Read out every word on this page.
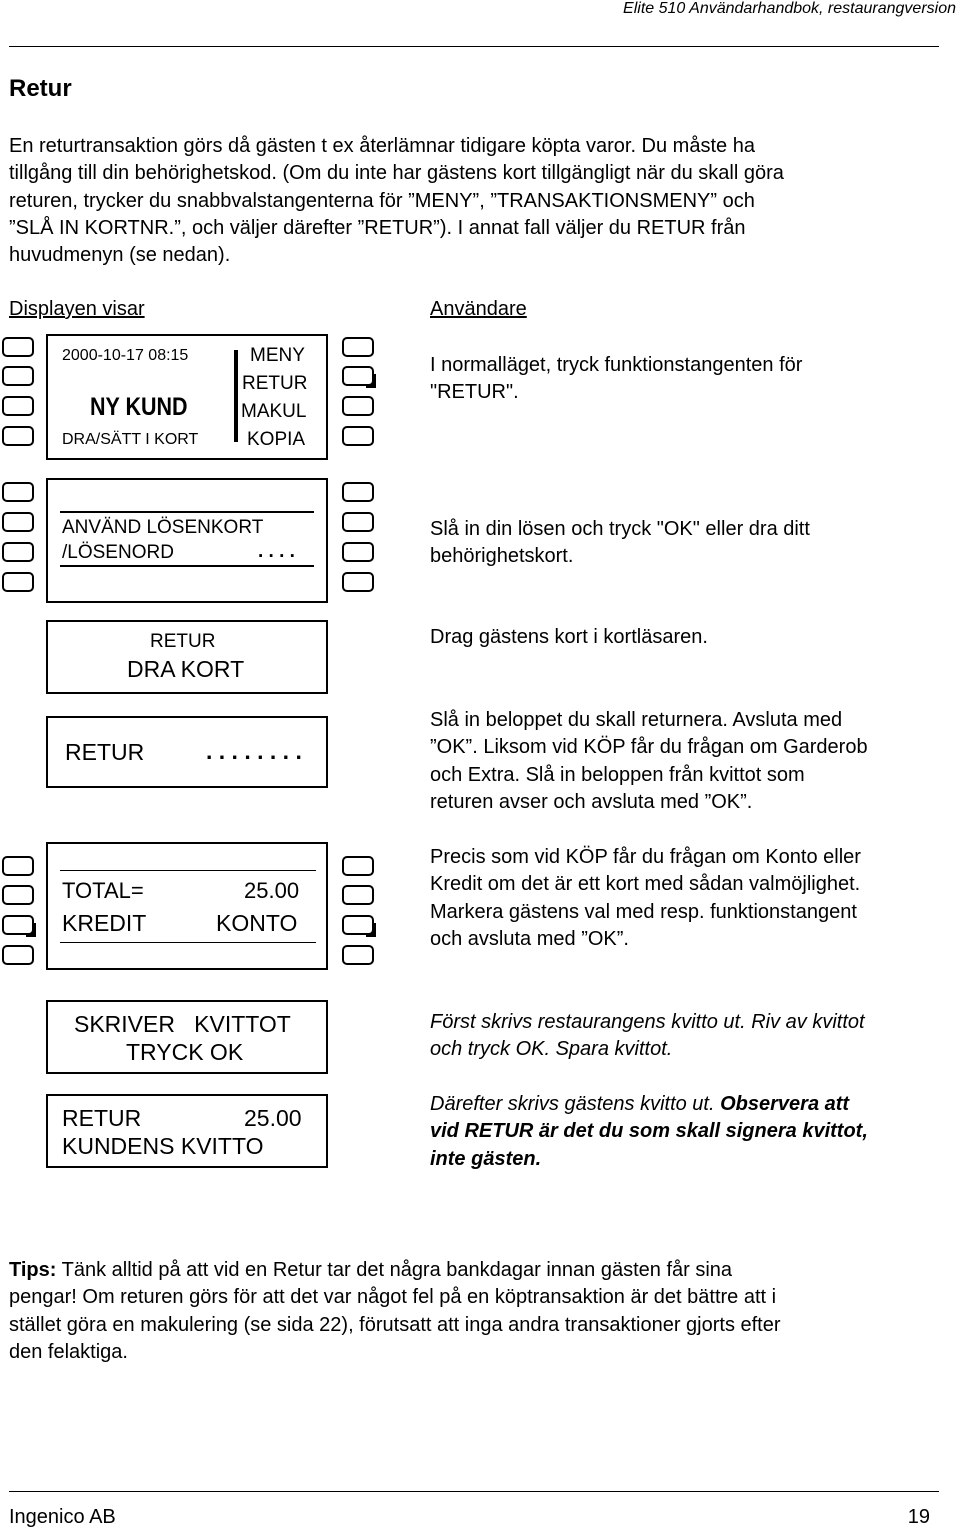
Elite 510 Användarhandbok, restaurangversion
Retur
En returtransaktion görs då gästen t ex återlämnar tidigare köpta varor. Du måste ha
tillgång till din behörighetskod. (Om du inte har gästens kort tillgängligt när du skall göra
returen, trycker du snabbvalstangenterna för ”MENY”, ”TRANSAKTIONSMENY” och
”SLÅ IN KORTNR.”, och väljer därefter ”RETUR”). I annat fall väljer du RETUR från
huvudmenyn (se nedan).
Displayen visar	Användare
2000-10-17 08:15
NY KUND
DRA/SÄTT I KORT
MENY
RETUR
MAKUL
KOPIA
I normalläget, tryck funktionstangenten för
"RETUR".
ANVÄND LÖSENKORT
/LÖSENORD	. . . .
Slå in din lösen och tryck "OK" eller dra ditt
behörighetskort.
RETUR
DRA KORT
Drag gästens kort i kortläsaren.
RETUR	. . . . . . . .
Slå in beloppet du skall returnera. Avsluta med
”OK”. Liksom vid KÖP får du frågan om Garderob
och Extra. Slå in beloppen från kvittot som
returen avser och avsluta med ”OK”.
TOTAL=	25.00
KREDIT	KONTO
Precis som vid KÖP får du frågan om Konto eller
Kredit om det är ett kort med sådan valmöjlighet.
Markera gästens val med resp. funktionstangent
och avsluta med ”OK”.
SKRIVER   KVITTOT
TRYCK OK
Först skrivs restaurangens kvitto ut. Riv av kvittot
och tryck OK. Spara kvittot.
RETUR	25.00
KUNDENS KVITTO
Därefter skrivs gästens kvitto ut. Observera att
vid RETUR är det du som skall signera kvittot,
inte gästen.
Tips: Tänk alltid på att vid en Retur tar det några bankdagar innan gästen får sina
pengar! Om returen görs för att det var något fel på en köptransaktion är det bättre att i
stället göra en makulering (se sida 22), förutsatt att inga andra transaktioner gjorts efter
den felaktiga.
Ingenico AB	19
